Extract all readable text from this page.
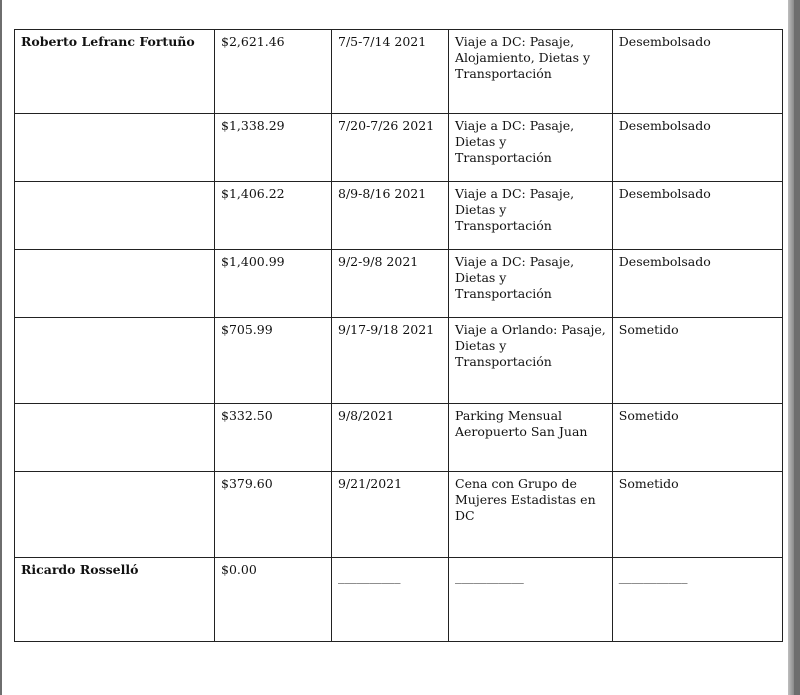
Roberto Lefranc Fortuño	$2,621.46	7/5-7/14 2021	Viaje a DC: Pasaje,
Alojamiento, Dietas y
Transportación	Desembolsado
	$1,338.29	7/20-7/26 2021	Viaje a DC: Pasaje,
Dietas y
Transportación	Desembolsado
	$1,406.22	8/9-8/16 2021	Viaje a DC: Pasaje,
Dietas y
Transportación	Desembolsado
	$1,400.99	9/2-9/8 2021	Viaje a DC: Pasaje,
Dietas y
Transportación	Desembolsado
	$705.99	9/17-9/18 2021	Viaje a Orlando: Pasaje,
Dietas y
Transportación	Sometido
	$332.50	9/8/2021	Parking Mensual
Aeropuerto San Juan	Sometido
	$379.60	9/21/2021	Cena con Grupo de
Mujeres Estadistas en
DC	Sometido
Ricardo Rosselló	$0.00	__________	___________	___________
